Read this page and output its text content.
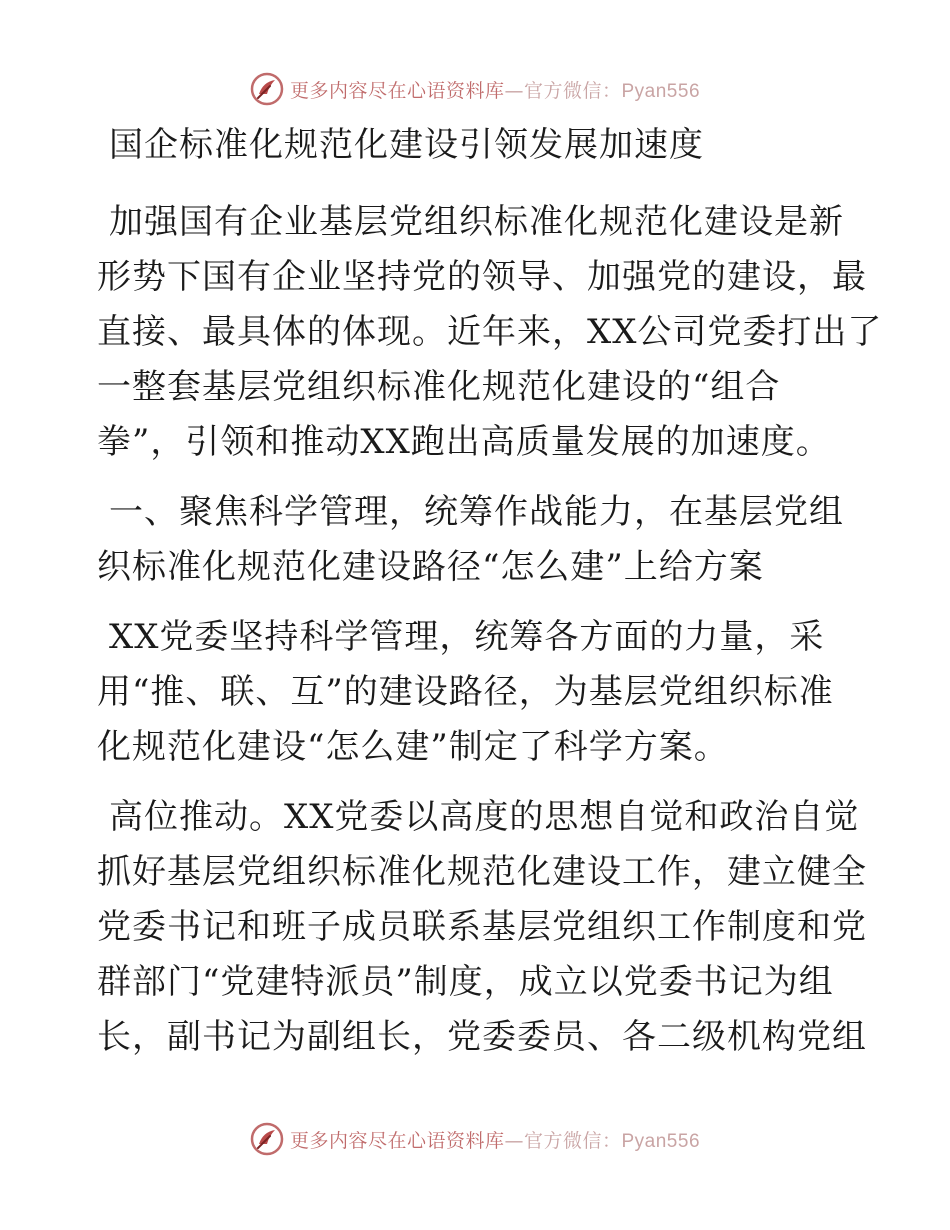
更多内容尽在心语资料库—官方微信：Pyan556
国企标准化规范化建设引领发展加速度
加强国有企业基层党组织标准化规范化建设是新
形势下国有企业坚持党的领导、加强党的建设，最
直接、最具体的体现。近年来，XX公司党委打出了
一整套基层党组织标准化规范化建设的“组合
拳”，引领和推动XX跑出高质量发展的加速度。
一、聚焦科学管理，统筹作战能力，在基层党组
织标准化规范化建设路径“怎么建”上给方案
XX党委坚持科学管理，统筹各方面的力量，采
用“推、联、互”的建设路径，为基层党组织标准
化规范化建设“怎么建”制定了科学方案。
高位推动。XX党委以高度的思想自觉和政治自觉
抓好基层党组织标准化规范化建设工作，建立健全
党委书记和班子成员联系基层党组织工作制度和党
群部门“党建特派员”制度，成立以党委书记为组
长，副书记为副组长，党委委员、各二级机构党组
更多内容尽在心语资料库—官方微信：Pyan556
